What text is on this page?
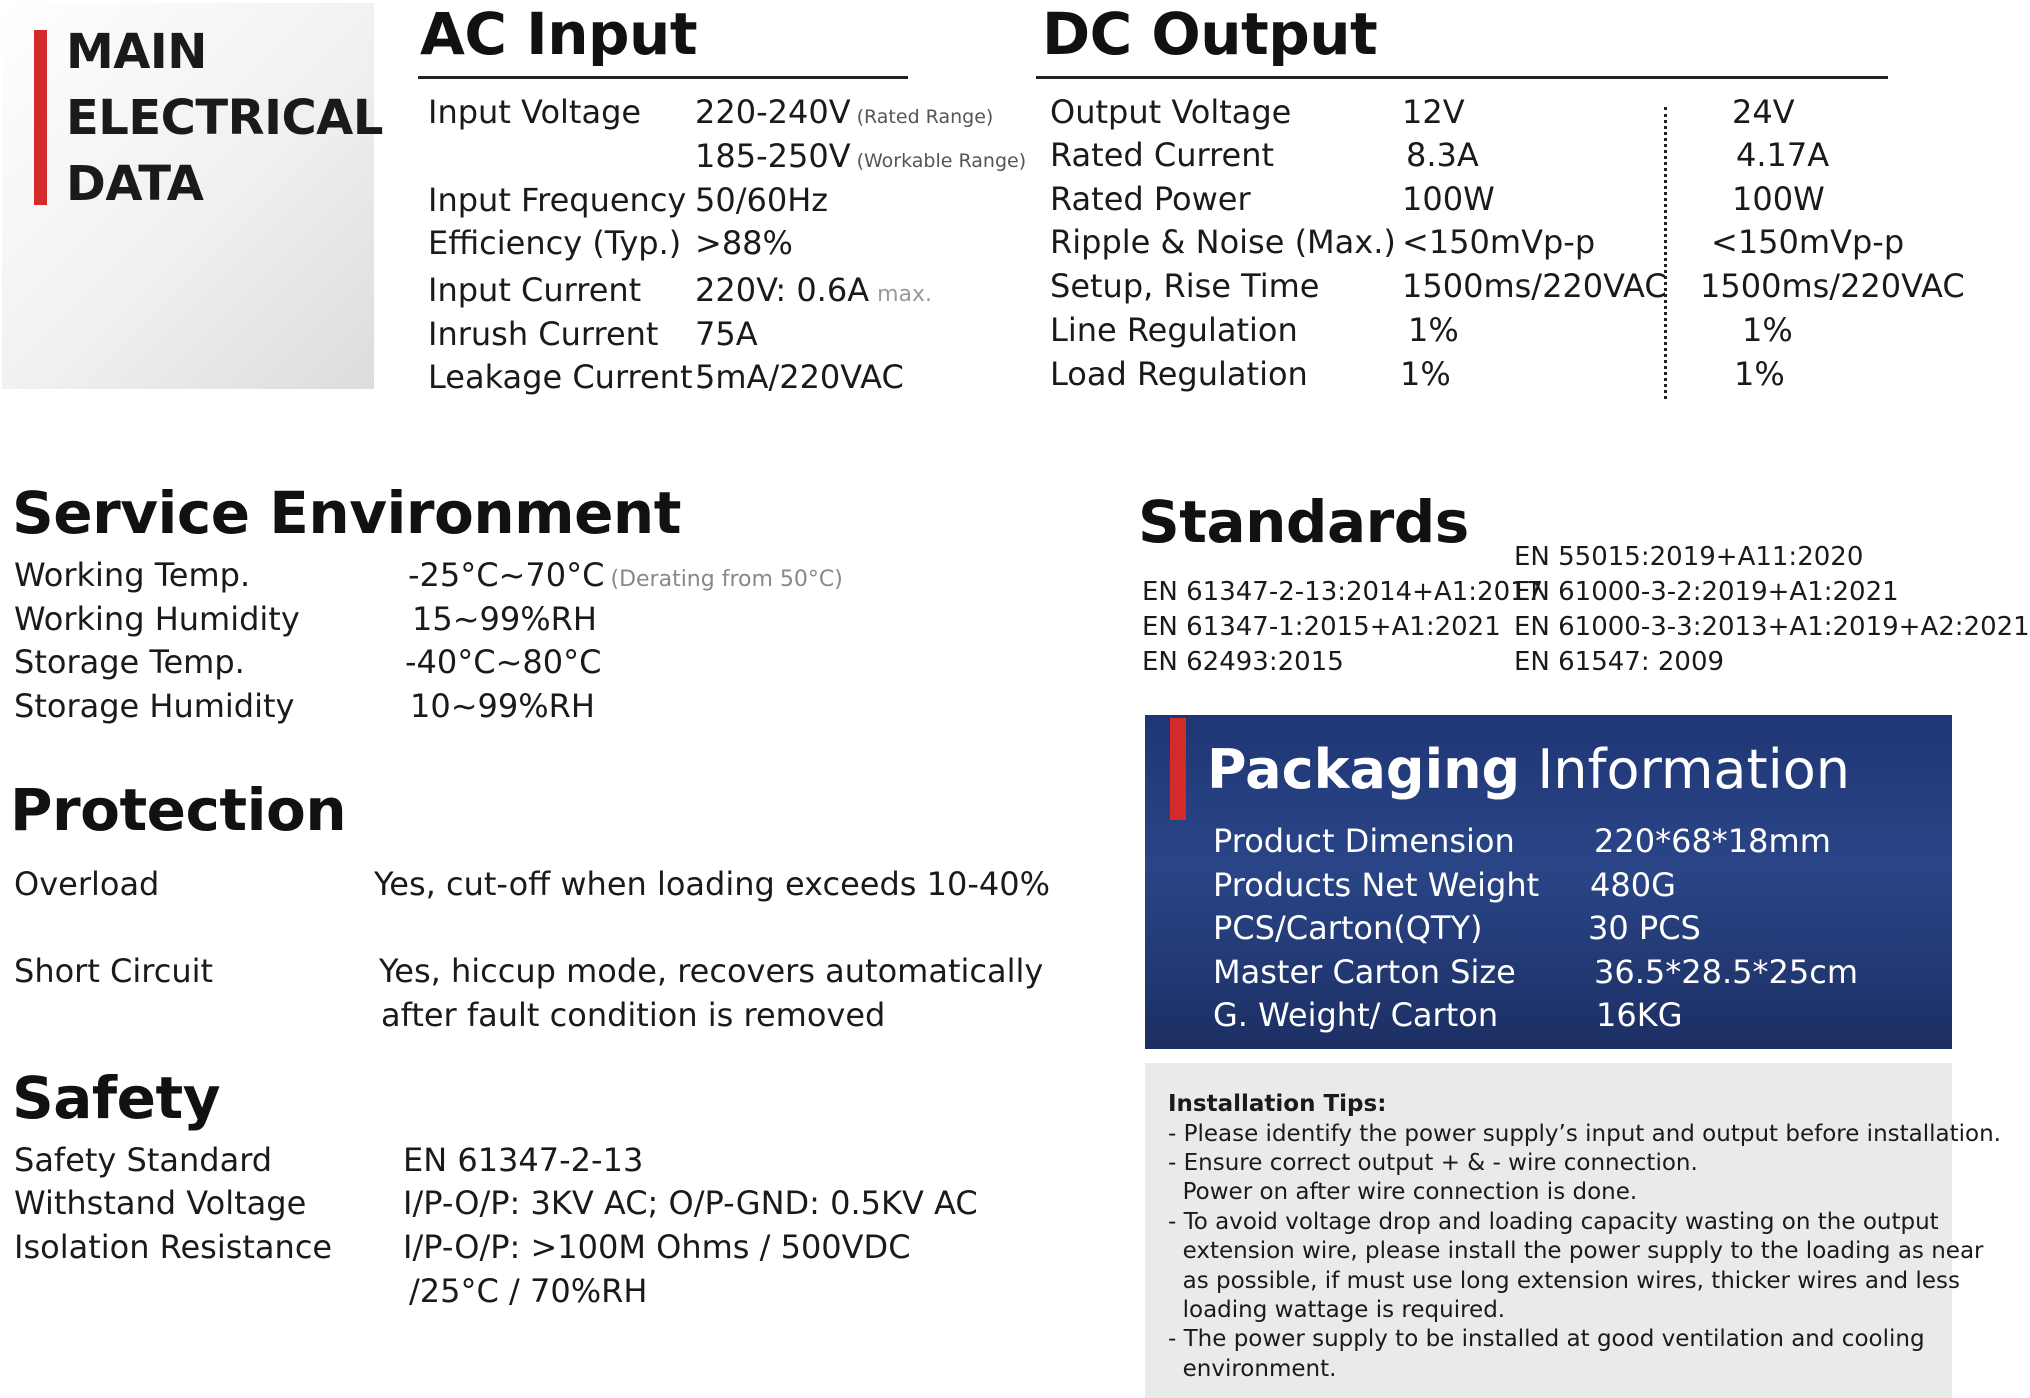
MAIN
ELECTRICAL
DATA
AC Input
Input Voltage 220-240V (Rated Range)
185-250V (Workable Range)
Input Frequency 50/60Hz
Efficiency (Typ.) >88%
Input Current 220V: 0.6A max.
Inrush Current 75A
Leakage Current 5mA/220VAC
DC Output
Output Voltage	12V	24V
Rated Current	8.3A	4.17A
Rated Power	100W	100W
Ripple & Noise (Max.) <150mVp-p	<150mVp-p
Setup, Rise Time	1500ms/220VAC 1500ms/220VAC
Line Regulation	1%	1%
Load Regulation	1%	1%
Service Environment
Working Temp.	-25°C~70°C (Derating from 50°C)
Working Humidity	15~99%RH
Storage Temp.	-40°C~80°C
Storage Humidity	10~99%RH
Protection
Overload	Yes, cut-off when loading exceeds 10-40%
Short Circuit	Yes, hiccup mode, recovers automatically
after fault condition is removed
Safety
Safety Standard	EN 61347-2-13
Withstand Voltage	I/P-O/P: 3KV AC; O/P-GND: 0.5KV AC
Isolation Resistance I/P-O/P: >100M Ohms / 500VDC
/25°C / 70%RH
Standards
EN 61347-2-13:2014+A1:2017
EN 61347-1:2015+A1:2021
EN 62493:2015
EN 55015:2019+A11:2020
EN 61000-3-2:2019+A1:2021
EN 61000-3-3:2013+A1:2019+A2:2021
EN 61547: 2009
Packaging Information
Product Dimension 220*68*18mm
Products Net Weight 480G
PCS/Carton(QTY)	30 PCS
Master Carton Size 36.5*28.5*25cm
G. Weight/ Carton	16KG
Installation Tips:
- Please identify the power supply’s input and output before installation.
- Ensure correct output + & - wire connection.
Power on after wire connection is done.
- To avoid voltage drop and loading capacity wasting on the output
extension wire, please install the power supply to the loading as near
as possible, if must use long extension wires, thicker wires and less
loading wattage is required.
- The power supply to be installed at good ventilation and cooling
environment.
